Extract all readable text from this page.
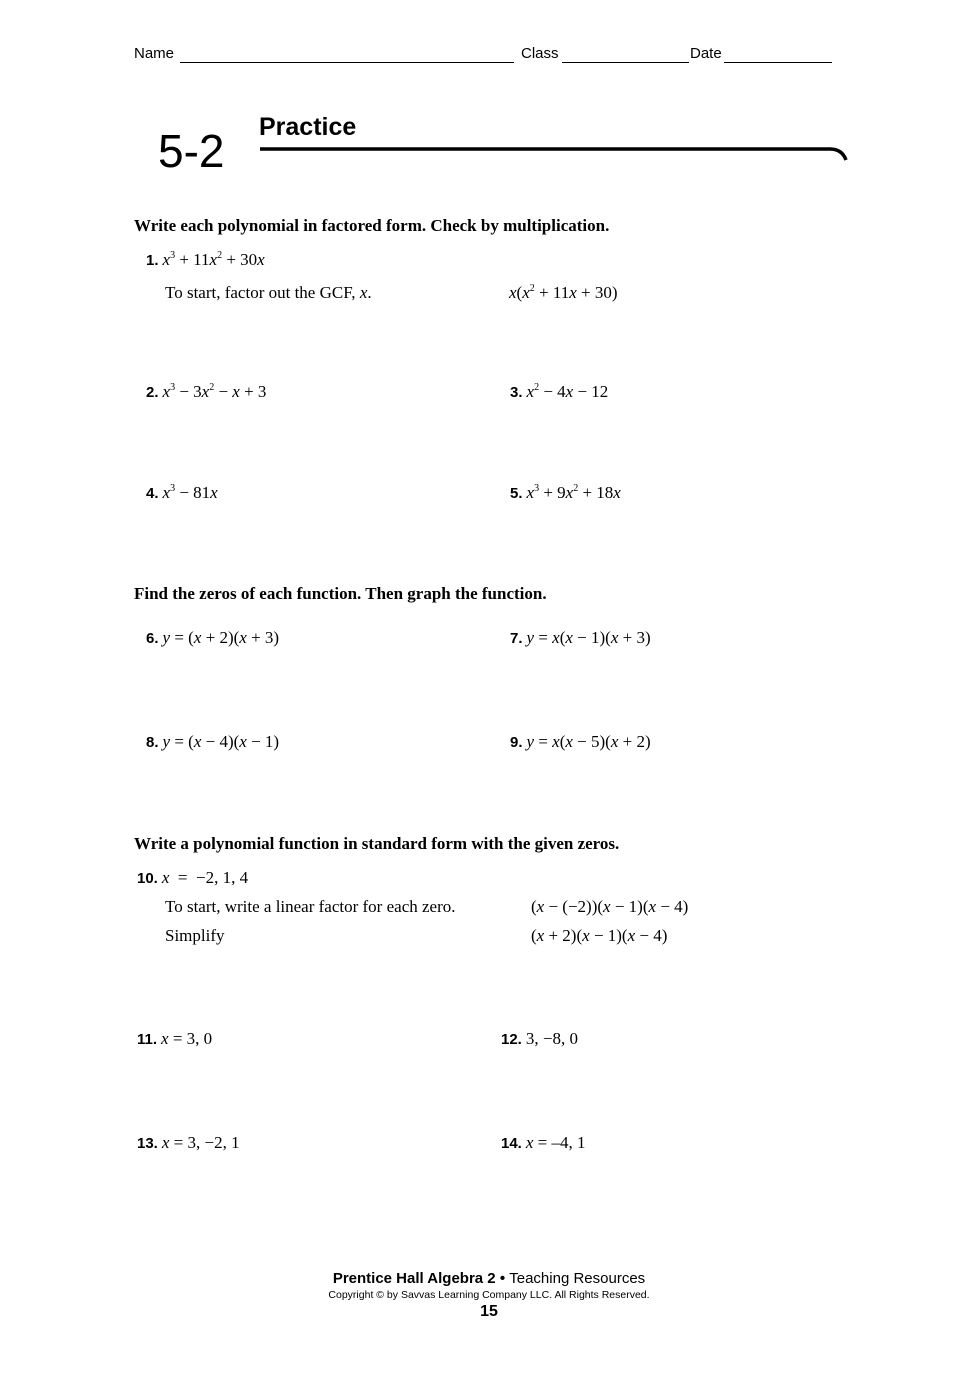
Name	Class	Date
5-2 Practice
Write each polynomial in factored form. Check by multiplication.
1. $x^3 + 11x^2 + 30x$
To start, factor out the GCF, x.	$x(x^2 + 11x + 30)$
2. $x^3 - 3x^2 - x + 3$	3. $x^2 - 4x - 12$
4. $x^3 - 81x$	5. $x^3 + 9x^2 + 18x$
Find the zeros of each function. Then graph the function.
6. y = (x + 2)(x + 3)	7. y = x(x − 1)(x + 3)
8. y = (x − 4)(x − 1)	9. y = x(x − 5)(x + 2)
Write a polynomial function in standard form with the given zeros.
10. x  =  −2, 1, 4
To start, write a linear factor for each zero.	(x − (−2))(x − 1)(x − 4)
Simplify	(x + 2)(x − 1)(x − 4)
11. x = 3, 0	12. 3, −8, 0
13. x = 3, −2, 1	14. x = –4, 1
Prentice Hall Algebra 2 • Teaching Resources
Copyright © by Savvas Learning Company LLC. All Rights Reserved.
15
